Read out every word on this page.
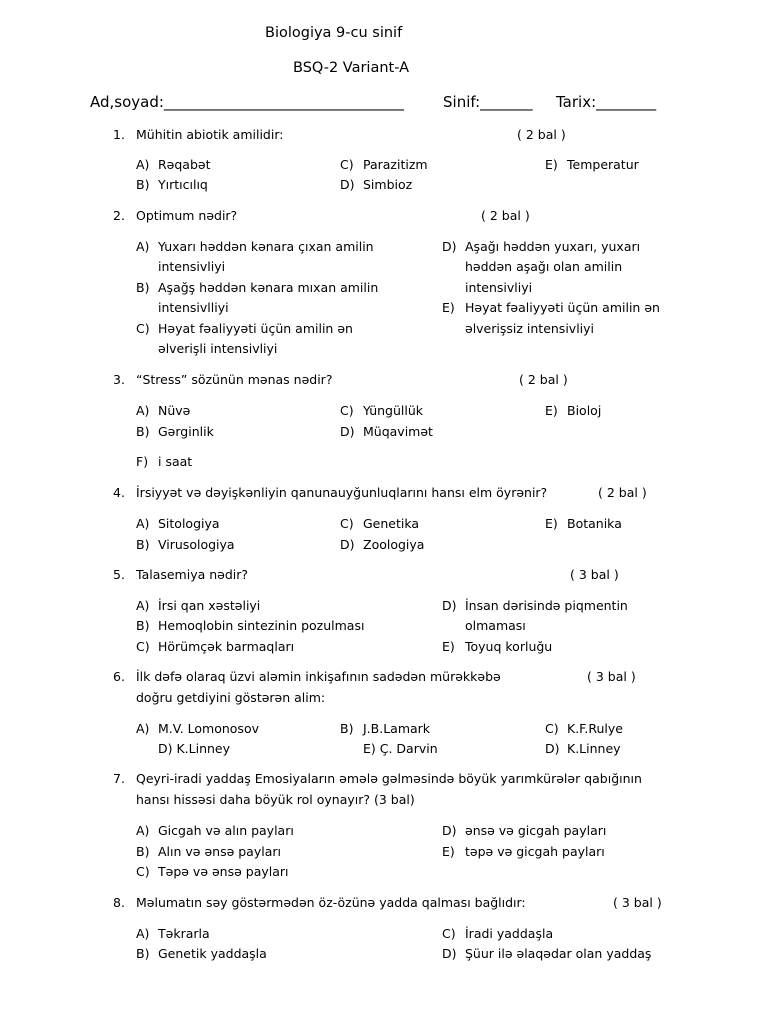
Biologiya 9-cu sinif
BSQ-2 Variant-A
Ad,soyad:________________________________	Sinif:_______ Tarix:________
1. Mühitin abiotik amilidir:	( 2 bal )
A) Rəqabət
B) Yırtıcılıq
C) Parazitizm
D) Simbioz
E) Temperatur
2. Optimum nədir?	( 2 bal )
A) Yuxarı həddən kənara çıxan amilin
intensivliyi
B) Aşağş həddən kənara mıxan amilin
intensivlliyi
C) Həyat fəaliyyəti üçün amilin ən
əlverişli intensivliyi
D) Aşağı həddən yuxarı, yuxarı
həddən aşağı olan amilin
intensivliyi
E) Həyat fəaliyyəti üçün amilin ən
əlverişsiz intensivliyi
3. “Stress” sözünün mənas nədir?	( 2 bal )
A) Nüvə
B) Gərginlik
C) Yüngüllük
D) Müqavimət
E) Bioloj
F) i saat
4. İrsiyyət və dəyişkənliyin qanunauyğunluqlarını hansı elm öyrənir?	( 2 bal )
A) Sitologiya
B) Virusologiya
C) Genetika
D) Zoologiya
E) Botanika
5. Talasemiya nədir?	( 3 bal )
A) İrsi qan xəstəliyi
B) Hemoqlobin sintezinin pozulması
C) Hörümçək barmaqları
D) İnsan dərisində piqmentin
olmaması
E) Toyuq korluğu
6. İlk dəfə olaraq üzvi aləmin inkişafının sadədən mürəkkəbə
doğru getdiyini göstərən alim:
( 3 bal )
A) M.V. Lomonosov	B) J.B.Lamark	C) K.F.Rulye
D) K.Linney	E) Ç. Darvin	D) K.Linney
7. Qeyri-iradi yaddaş Emosiyaların əmələ gəlməsində böyük yarımkürələr qabığının
hansı hissəsi daha böyük rol oynayır? (3 bal)
A) Gicgah və alın payları
B) Alın və ənsə payları
C) Təpə və ənsə payları
D) ənsə və gicgah payları
E) təpə və gicgah payları
8. Məlumatın səy göstərmədən öz-özünə yadda qalması bağlıdır:	( 3 bal )
A) Təkrarla
B) Genetik yaddaşla
C) İradi yaddaşla
D) Şüur ilə əlaqədar olan yaddaş
